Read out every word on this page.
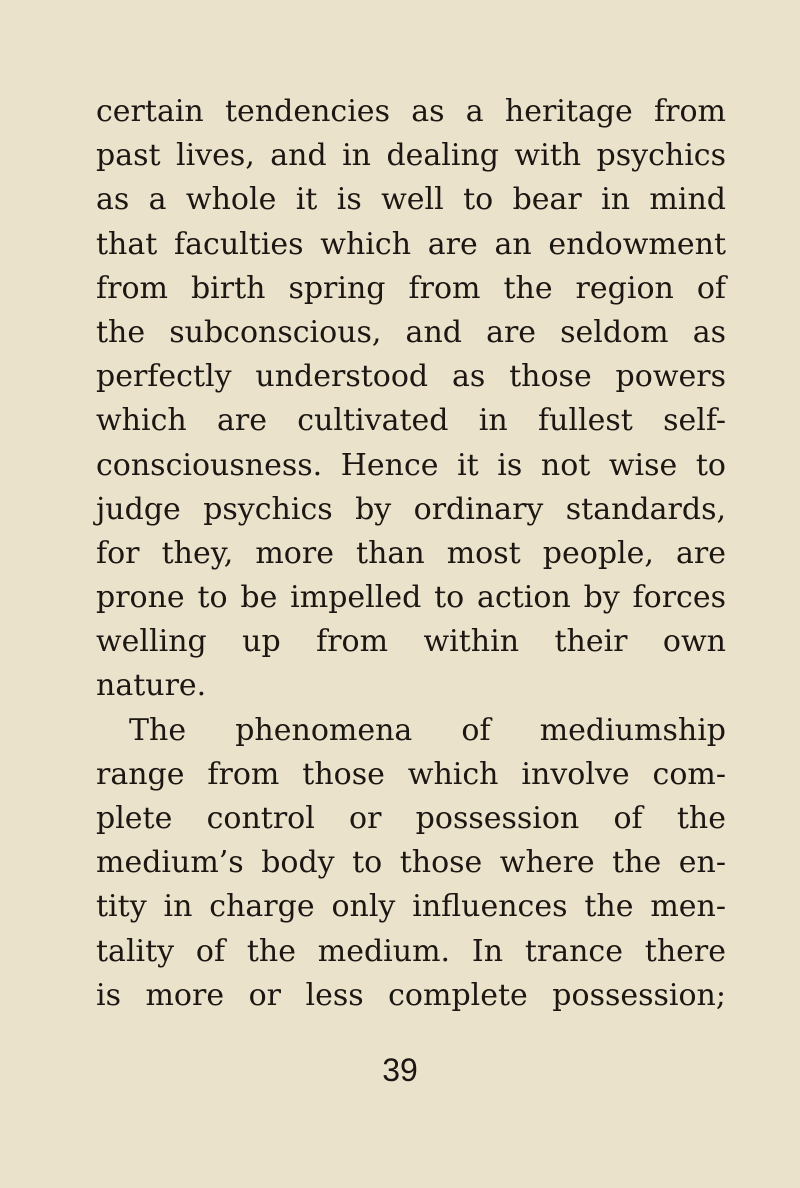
certain tendencies as a heritage from
past lives, and in dealing with psychics
as a whole it is well to bear in mind
that faculties which are an endowment
from birth spring from the region of
the subconscious, and are seldom as
perfectly understood as those powers
which are cultivated in fullest self-
consciousness. Hence it is not wise to
judge psychics by ordinary standards,
for they, more than most people, are
prone to be impelled to action by forces
welling up from within their own
nature.
The phenomena of mediumship
range from those which involve com-
plete control or possession of the
medium’s body to those where the en-
tity in charge only influences the men-
tality of the medium. In trance there
is more or less complete possession;
39
